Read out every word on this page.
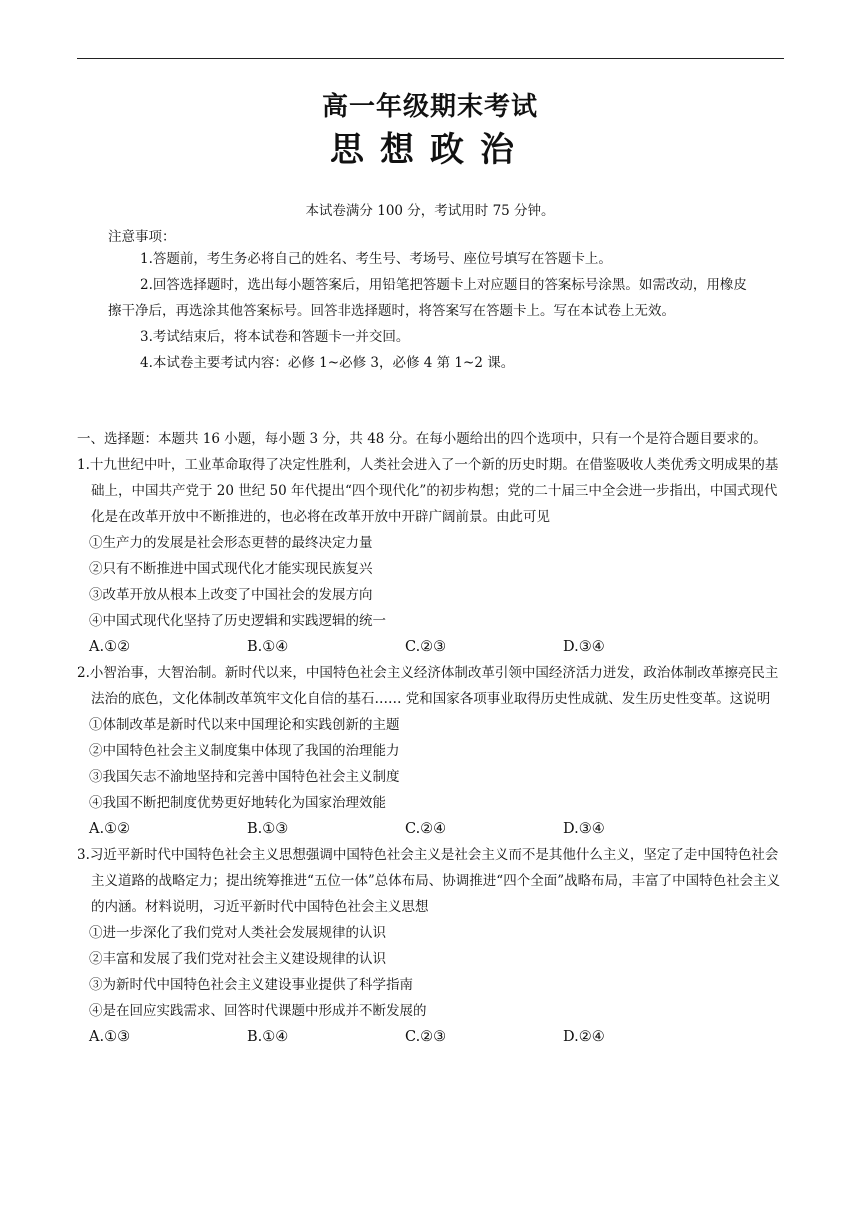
高一年级期末考试
思想政治
本试卷满分 100 分，考试用时 75 分钟。
注意事项：

1.答题前，考生务必将自己的姓名、考生号、考场号、座位号填写在答题卡上。

2.回答选择题时，选出每小题答案后，用铅笔把答题卡上对应题目的答案标号涂黑。如需改动，用橡皮擦干净后，再选涂其他答案标号。回答非选择题时，将答案写在答题卡上。写在本试卷上无效。

3.考试结束后，将本试卷和答题卡一并交回。

4.本试卷主要考试内容：必修 1~必修 3，必修 4 第 1~2 课。

一、选择题：本题共 16 小题，每小题 3 分，共 48 分。在每小题给出的四个选项中，只有一个是符合题目要求的。

1.十九世纪中叶，工业革命取得了决定性胜利，人类社会进入了一个新的历史时期。在借鉴吸收人类优秀文明成果的基础上，中国共产党于 20 世纪 50 年代提出“四个现代化”的初步构想；党的二十届三中全会进一步指出，中国式现代化是在改革开放中不断推进的，也必将在改革开放中开辟广阔前景。由此可见

①生产力的发展是社会形态更替的最终决定力量

②只有不断推进中国式现代化才能实现民族复兴

③改革开放从根本上改变了中国社会的发展方向

④中国式现代化坚持了历史逻辑和实践逻辑的统一

A.①②	B.①④	C.②③	D.③④

2.小智治事，大智治制。新时代以来，中国特色社会主义经济体制改革引领中国经济活力迸发，政治体制改革擦亮民主法治的底色，文化体制改革筑牢文化自信的基石…… 党和国家各项事业取得历史性成就、发生历史性变革。这说明

①体制改革是新时代以来中国理论和实践创新的主题

②中国特色社会主义制度集中体现了我国的治理能力

③我国矢志不渝地坚持和完善中国特色社会主义制度

④我国不断把制度优势更好地转化为国家治理效能

A.①②	B.①③	C.②④	D.③④

3.习近平新时代中国特色社会主义思想强调中国特色社会主义是社会主义而不是其他什么主义，坚定了走中国特色社会主义道路的战略定力；提出统筹推进“五位一体”总体布局、协调推进“四个全面”战略布局，丰富了中国特色社会主义的内涵。材料说明，习近平新时代中国特色社会主义思想

①进一步深化了我们党对人类社会发展规律的认识

②丰富和发展了我们党对社会主义建设规律的认识

③为新时代中国特色社会主义建设事业提供了科学指南

④是在回应实践需求、回答时代课题中形成并不断发展的

A.①③	B.①④	C.②③	D.②④
